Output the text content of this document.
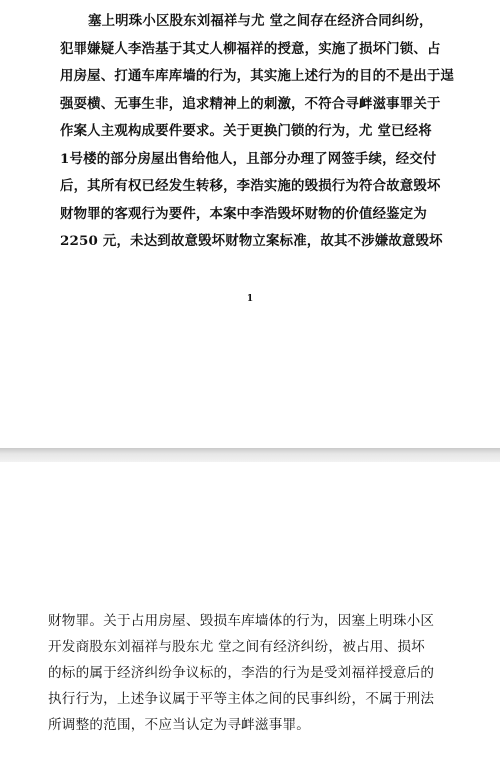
塞上明珠小区股东刘福祥与尤 堂之间存在经济合同纠纷，
犯罪嫌疑人李浩基于其丈人柳福祥的授意，实施了损坏门锁、占
用房屋、打通车库库墙的行为，其实施上述行为的目的不是出于逞
强耍横、无事生非，追求精神上的刺激，不符合寻衅滋事罪关于
作案人主观构成要件要求。关于更换门锁的行为，尤 堂已经将
1号楼的部分房屋出售给他人，且部分办理了网签手续，经交付
后，其所有权已经发生转移，李浩实施的毁损行为符合故意毁坏
财物罪的客观行为要件，本案中李浩毁坏财物的价值经鉴定为
2250 元，未达到故意毁坏财物立案标准，故其不涉嫌故意毁坏
1
财物罪。关于占用房屋、毁损车库墙体的行为，因塞上明珠小区
开发商股东刘福祥与股东尤 堂之间有经济纠纷，被占用、损坏
的标的属于经济纠纷争议标的，李浩的行为是受刘福祥授意后的
执行行为，上述争议属于平等主体之间的民事纠纷，不属于刑法
所调整的范围，不应当认定为寻衅滋事罪。
